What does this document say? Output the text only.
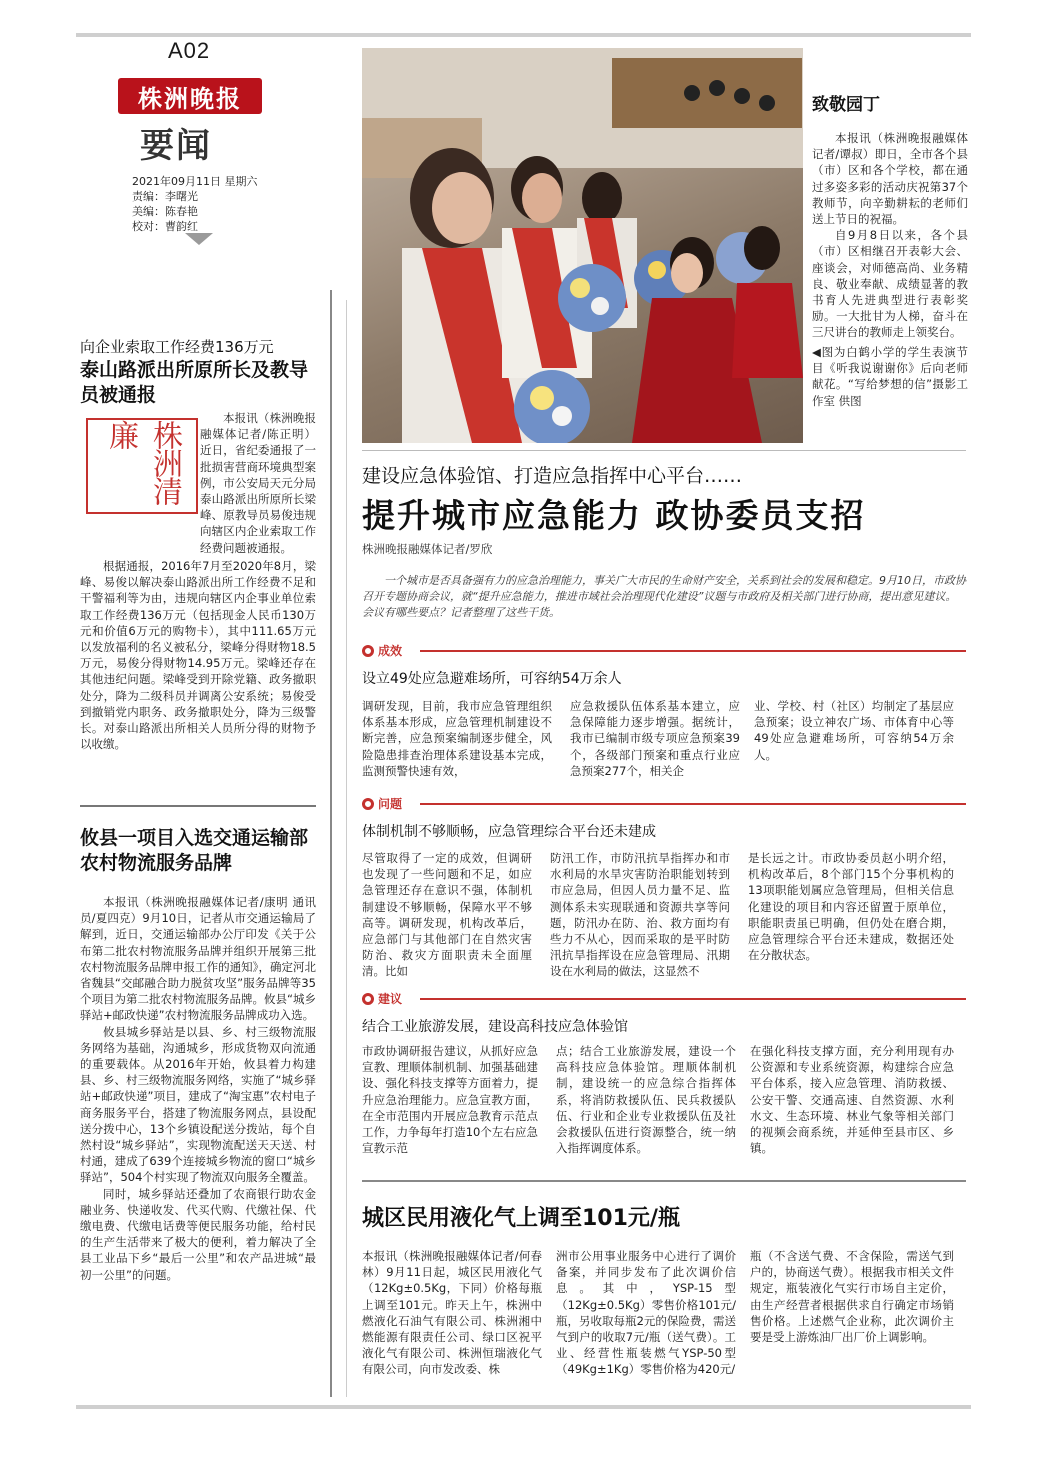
A02
株洲晚报
要闻
2021年09月11日 星期六
责编：李曙光
美编：陈春艳
校对：曹韵红
致敬园丁

本报讯（株洲晚报融媒体记者/谭叔）即日，全市各个县（市）区和各个学校，都在通过多姿多彩的活动庆祝第37个教师节，向辛勤耕耘的老师们送上节日的祝福。

自9月8日以来，各个县（市）区相继召开表彰大会、座谈会，对师德高尚、业务精良、敬业奉献、成绩显著的教书育人先进典型进行表彰奖励。一大批甘为人梯，奋斗在三尺讲台的教师走上领奖台。

◀图为白鹤小学的学生表演节目《听我说谢谢你》后向老师献花。“写给梦想的信”摄影工作室 供图
向企业索取工作经费136万元
泰山路派出所原所长及教导员被通报
株洲清廉

本报讯（株洲晚报融媒体记者/陈正明）近日，省纪委通报了一批损害营商环境典型案例，市公安局天元分局泰山路派出所原所长梁峰、原教导员易俊违规向辖区内企业索取工作经费问题被通报。

根据通报，2016年7月至2020年8月，梁峰、易俊以解决泰山路派出所工作经费不足和干警福利等为由，违规向辖区内企事业单位索取工作经费136万元（包括现金人民币130万元和价值6万元的购物卡），其中111.65万元以发放福利的名义被私分，梁峰分得财物18.5万元，易俊分得财物14.95万元。梁峰还存在其他违纪问题。梁峰受到开除党籍、政务撤职处分，降为二级科员并调离公安系统；易俊受到撤销党内职务、政务撤职处分，降为三级警长。对泰山路派出所相关人员所分得的财物予以收缴。

攸县一项目入选交通运输部农村物流服务品牌

本报讯（株洲晚报融媒体记者/康明 通讯员/夏四克）9月10日，记者从市交通运输局了解到，近日，交通运输部办公厅印发《关于公布第二批农村物流服务品牌并组织开展第三批农村物流服务品牌申报工作的通知》，确定河北省魏县“交邮融合助力脱贫攻坚”服务品牌等35个项目为第二批农村物流服务品牌。攸县“城乡驿站+邮政快递”农村物流服务品牌成功入选。

攸县城乡驿站是以县、乡、村三级物流服务网络为基础，沟通城乡，形成货物双向流通的重要载体。从2016年开始，攸县着力构建县、乡、村三级物流服务网络，实施了“城乡驿站+邮政快递”项目，建成了“淘宝惠”农村电子商务服务平台，搭建了物流服务网点，县设配送分拨中心，13个乡镇设配送分拨站，每个自然村设“城乡驿站”，实现物流配送天天送、村村通，建成了639个连接城乡物流的窗口“城乡驿站”，504个村实现了物流双向服务全覆盖。

同时，城乡驿站还叠加了农商银行助农金融业务、快递收发、代买代购、代缴社保、代缴电费、代缴电话费等便民服务功能，给村民的生产生活带来了极大的便利，着力解决了全县工业品下乡“最后一公里”和农产品进城“最初一公里”的问题。

建设应急体验馆、打造应急指挥中心平台……
提升城市应急能力 政协委员支招
株洲晚报融媒体记者/罗欣
一个城市是否具备强有力的应急治理能力，事关广大市民的生命财产安全，关系到社会的发展和稳定。9月10日，市政协召开专题协商会议，就“提升应急能力，推进市域社会治理现代化建设”议题与市政府及相关部门进行协商，提出意见建议。会议有哪些要点？记者整理了这些干货。
成效
设立49处应急避难场所，可容纳54万余人
调研发现，目前，我市应急管理组织体系基本形成，应急管理机制建设不断完善，应急预案编制逐步健全，风险隐患排查治理体系建设基本完成，监测预警快速有效，
应急救援队伍体系基本建立，应急保障能力逐步增强。据统计，我市已编制市级专项应急预案39个，各级部门预案和重点行业应急预案277个，相关企
业、学校、村（社区）均制定了基层应急预案；设立神农广场、市体育中心等49处应急避难场所，可容纳54万余人。
问题
体制机制不够顺畅，应急管理综合平台还未建成
尽管取得了一定的成效，但调研也发现了一些问题和不足，如应急管理还存在意识不强，体制机制建设不够顺畅，保障水平不够高等。调研发现，机构改革后，应急部门与其他部门在自然灾害防治、救灾方面职责未全面厘清。比如
防汛工作，市防汛抗旱指挥办和市水利局的水旱灾害防治职能划转到市应急局，但因人员力量不足、监测体系未实现联通和资源共享等问题，防汛办在防、治、救方面均有些力不从心，因而采取的是平时防汛抗旱指挥设在应急管理局、汛期设在水利局的做法，这显然不
是长远之计。市政协委员赵小明介绍，机构改革后，8个部门15个分事机构的13项职能划属应急管理局，但相关信息化建设的项目和内容还留置于原单位，职能职责虽已明确，但仍处在磨合期，应急管理综合平台还未建成，数据还处在分散状态。
建议
结合工业旅游发展，建设高科技应急体验馆
市政协调研报告建议，从抓好应急宣教、理顺体制机制、加强基础建设、强化科技支撑等方面着力，提升应急治理能力。应急宣教方面，在全市范围内开展应急教育示范点工作，力争每年打造10个左右应急宣教示范
点；结合工业旅游发展，建设一个高科技应急体验馆。理顺体制机制，建设统一的应急综合指挥体系，将消防救援队伍、民兵救援队伍、行业和企业专业救援队伍及社会救援队伍进行资源整合，统一纳入指挥调度体系。
在强化科技支撑方面，充分利用现有办公资源和专业系统资源，构建综合应急平台体系，接入应急管理、消防救援、公安干警、交通高速、自然资源、水利水文、生态环境、林业气象等相关部门的视频会商系统，并延伸至县市区、乡镇。
城区民用液化气上调至101元/瓶
本报讯（株洲晚报融媒体记者/何春林）9月11日起，城区民用液化气（12Kg±0.5Kg，下同）价格每瓶上调至101元。昨天上午，株洲中燃液化石油气有限公司、株洲湘中燃能源有限责任公司、绿口区祝平液化气有限公司、株洲恒瑞液化气有限公司，向市发改委、株
洲市公用事业服务中心进行了调价备案，并同步发布了此次调价信息。其中，YSP-15型（12Kg±0.5Kg）零售价格101元/瓶，另收取每瓶2元的保险费，需送气到户的收取7元/瓶（送气费）。工业、经营性瓶装燃气YSP-50型（49Kg±1Kg）零售价格为420元/
瓶（不含送气费、不含保险，需送气到户的，协商送气费）。根据我市相关文件规定，瓶装液化气实行市场自主定价，由生产经营者根据供求自行确定市场销售价格。上述燃气企业称，此次调价主要是受上游炼油厂出厂价上调影响。
